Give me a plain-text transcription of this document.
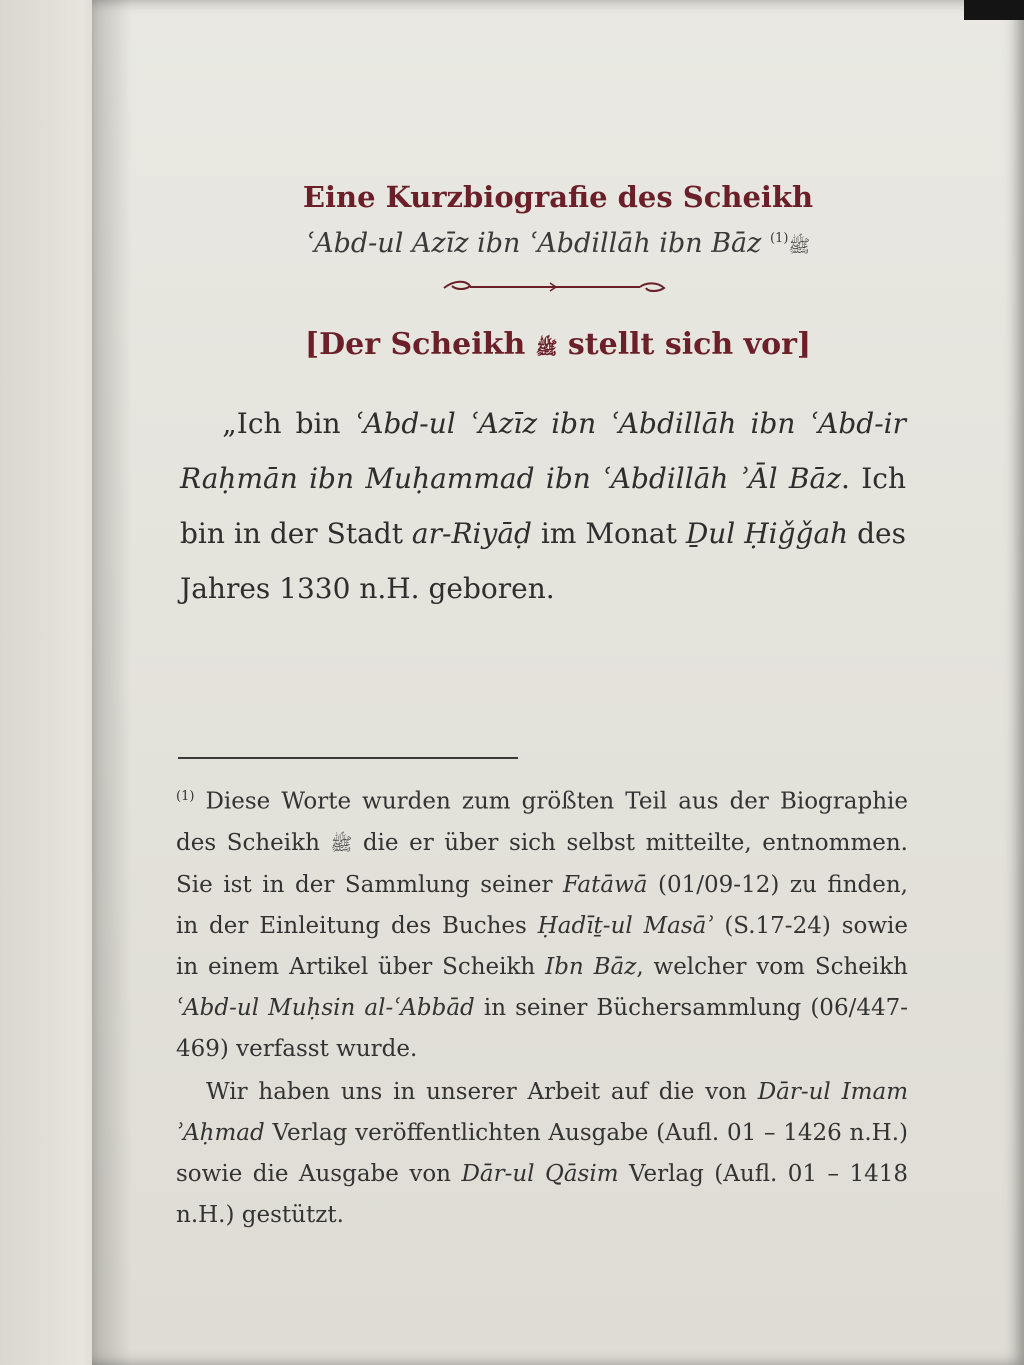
Eine Kurzbiografie des Scheikh
ʿAbd-ul Azīz ibn ʿAbdillāh ibn Bāz ﷺ$^{(1)}$
[Der Scheikh ﷺ stellt sich vor]
„Ich bin ʿAbd-ul ʿAzīz ibn ʿAbdillāh ibn ʿAbd-ir Raḥmān ibn Muḥammad ibn ʿAbdillāh ʾĀl Bāz. Ich bin in der Stadt ar-Riyāḍ im Monat Ḏul Ḥiǧǧah des Jahres 1330 n.H. geboren.

$^{(1)}$ Diese Worte wurden zum größten Teil aus der Biographie des Scheikh ﷺ die er über sich selbst mitteilte, entnommen. Sie ist in der Sammlung seiner Fatāwā (01/09-12) zu finden, in der Einleitung des Buches Ḥadīṯ-ul Masāʾ (S.17-24) sowie in einem Artikel über Scheikh Ibn Bāz, welcher vom Scheikh ʿAbd-ul Muḥsin al-ʿAbbād in seiner Büchersammlung (06/447-469) verfasst wurde.

Wir haben uns in unserer Arbeit auf die von Dār-ul Imam ʾAḥmad Verlag veröffentlichten Ausgabe (Aufl. 01 – 1426 n.H.) sowie die Ausgabe von Dār-ul Qāsim Verlag (Aufl. 01 – 1418 n.H.) gestützt.
